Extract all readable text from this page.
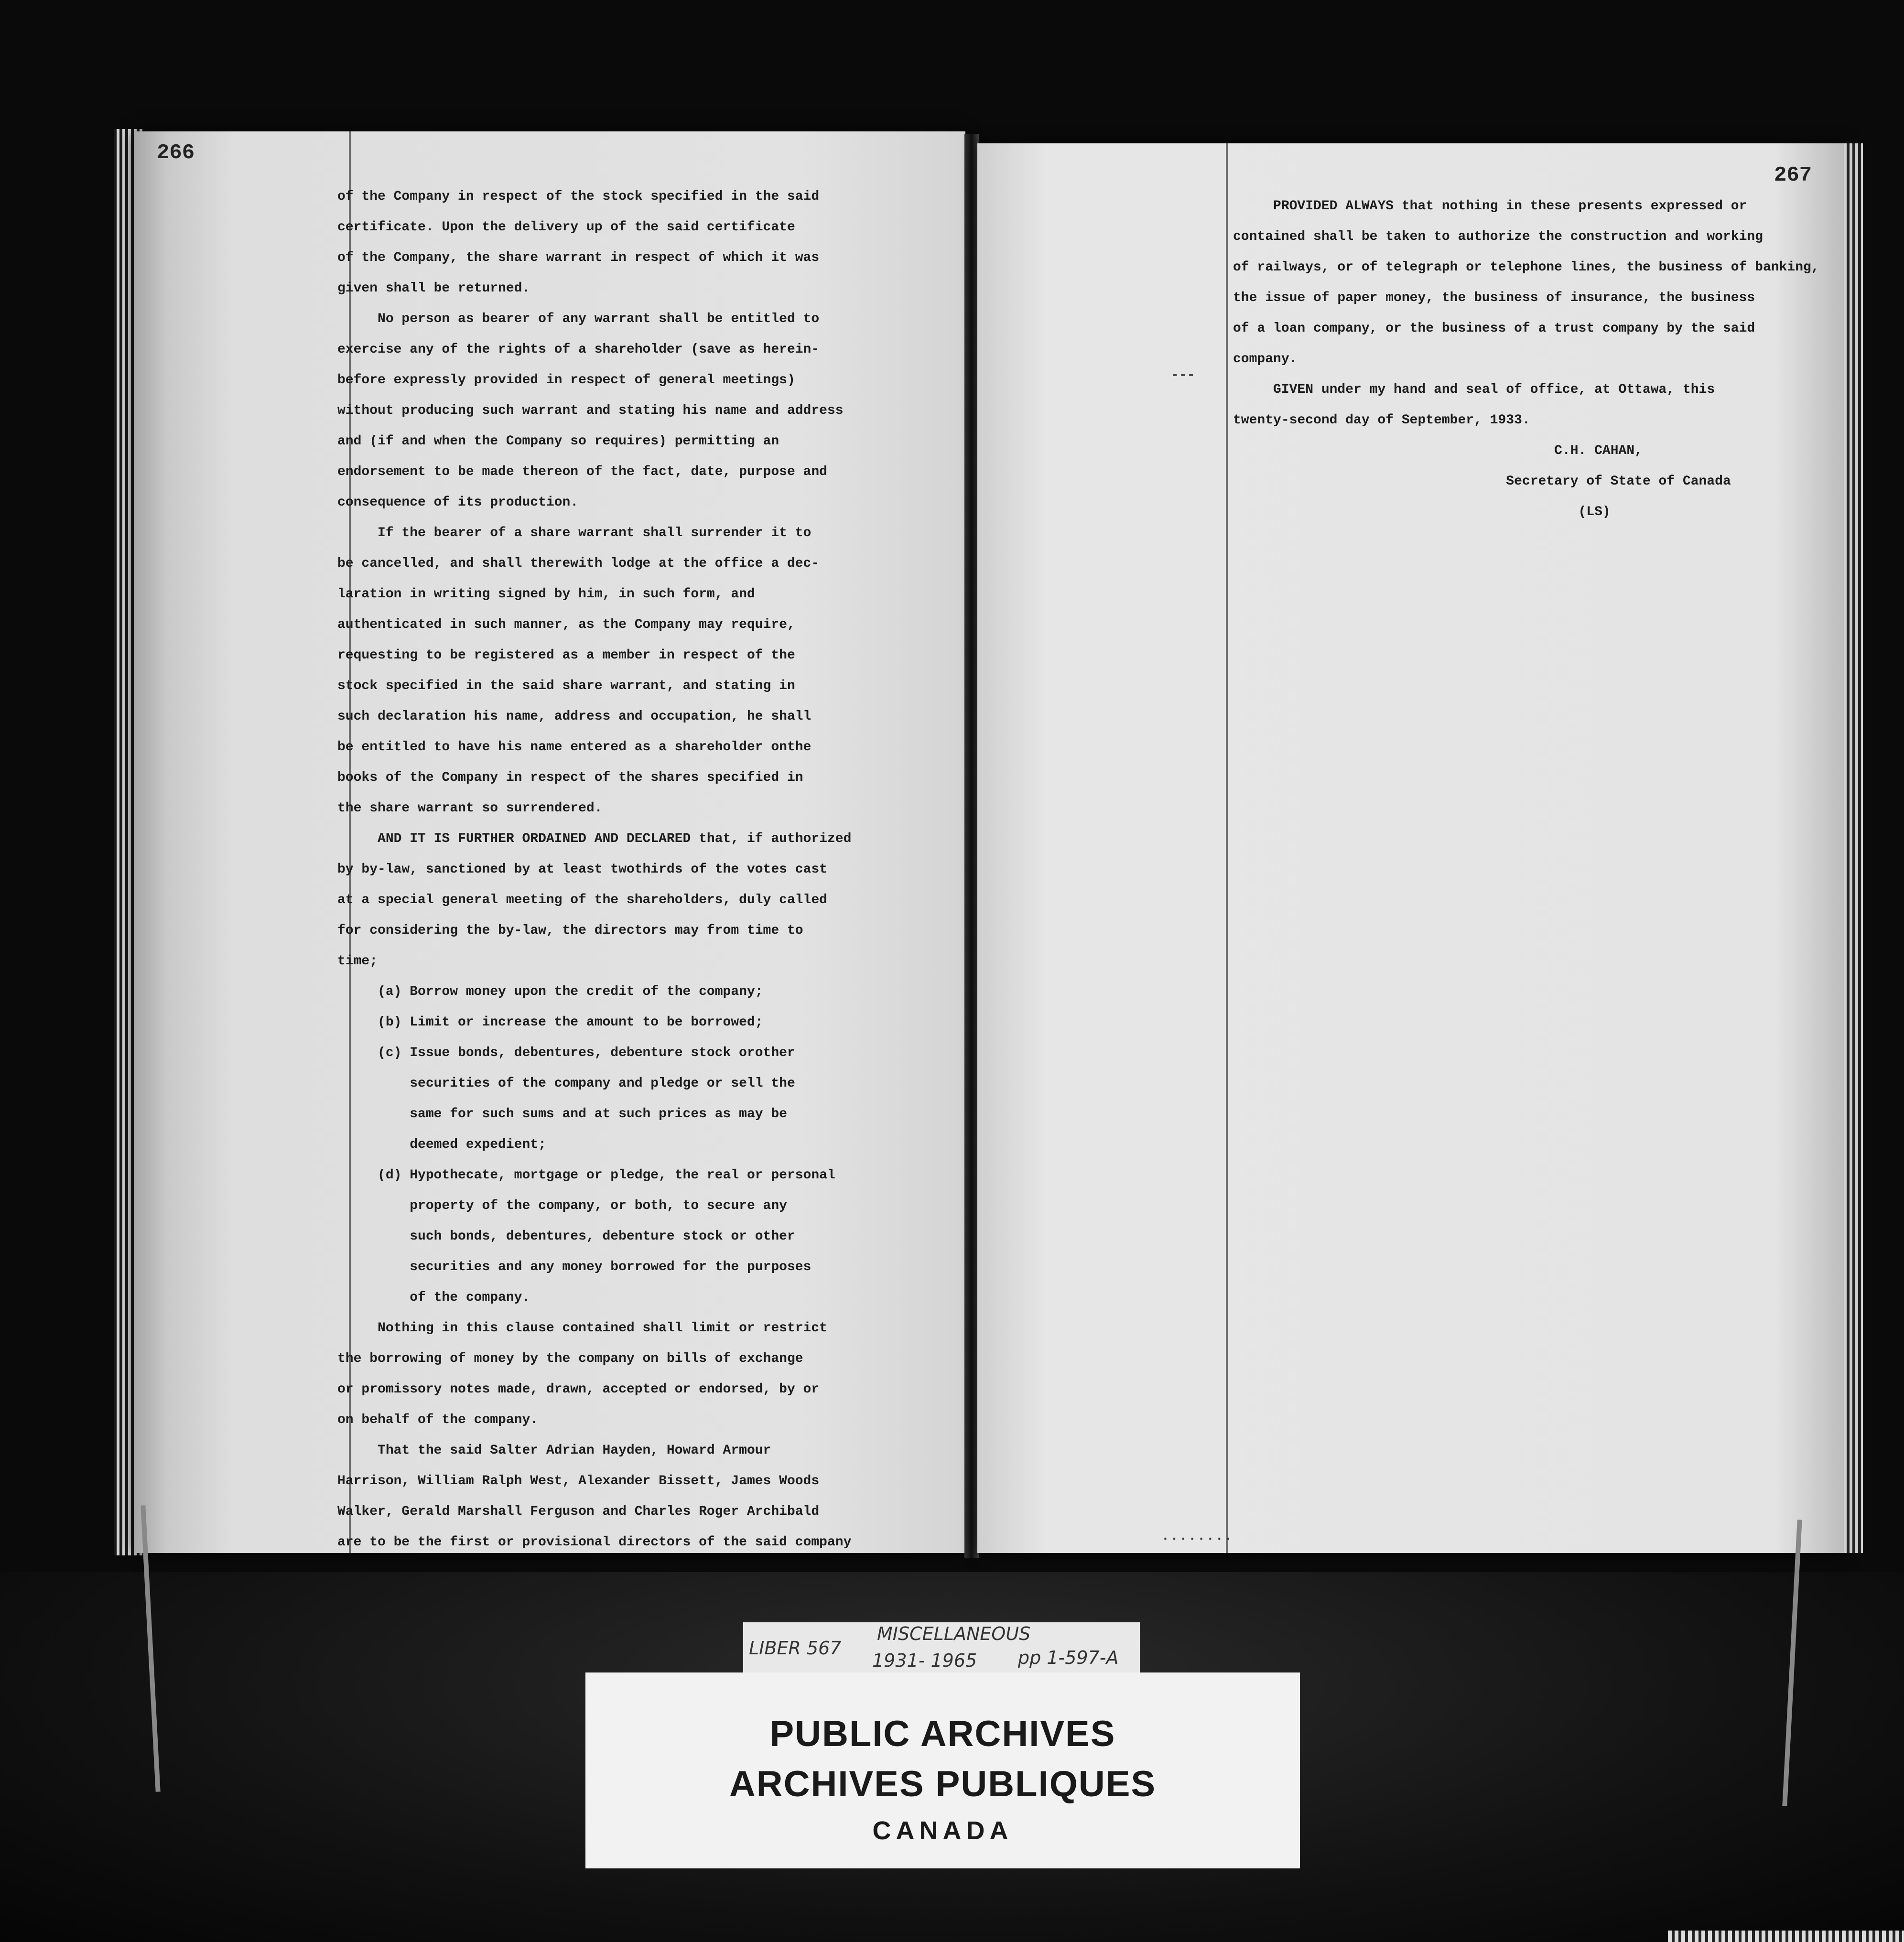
266
267
of the Company in respect of the stock specified in the said
certificate. Upon the delivery up of the said certificate
of the Company, the share warrant in respect of which it was
given shall be returned.
No person as bearer of any warrant shall be entitled to
exercise any of the rights of a shareholder (save as herein-
before expressly provided in respect of general meetings)
without producing such warrant and stating his name and address
and (if and when the Company so requires) permitting an
endorsement to be made thereon of the fact, date, purpose and
consequence of its production.
If the bearer of a share warrant shall surrender it to
be cancelled, and shall therewith lodge at the office a dec-
laration in writing signed by him, in such form, and
authenticated in such manner, as the Company may require,
requesting to be registered as a member in respect of the
stock specified in the said share warrant, and stating in
such declaration his name, address and occupation, he shall
be entitled to have his name entered as a shareholder onthe
books of the Company in respect of the shares specified in
the share warrant so surrendered.
AND IT IS FURTHER ORDAINED AND DECLARED that, if authorized
by by-law, sanctioned by at least twothirds of the votes cast
at a special general meeting of the shareholders, duly called
for considering the by-law, the directors may from time to
time;
(a) Borrow money upon the credit of the company;
(b) Limit or increase the amount to be borrowed;
(c) Issue bonds, debentures, debenture stock orother
securities of the company and pledge or sell the
same for such sums and at such prices as may be
deemed expedient;
(d) Hypothecate, mortgage or pledge, the real or personal
property of the company, or both, to secure any
such bonds, debentures, debenture stock or other
securities and any money borrowed for the purposes
of the company.
Nothing in this clause contained shall limit or restrict
the borrowing of money by the company on bills of exchange
or promissory notes made, drawn, accepted or endorsed, by or
on behalf of the company.
That the said Salter Adrian Hayden, Howard Armour
Harrison, William Ralph West, Alexander Bissett, James Woods
Walker, Gerald Marshall Ferguson and Charles Roger Archibald
are to be the first or provisional directors of the said company
PROVIDED ALWAYS that nothing in these presents expressed or
contained shall be taken to authorize the construction and working
of railways, or of telegraph or telephone lines, the business of banking,
the issue of paper money, the business of insurance, the business
of a loan company, or the business of a trust company by the said
company.
GIVEN under my hand and seal of office, at Ottawa, this
twenty-second day of September, 1933.
C.H. CAHAN,
Secretary of State of Canada
(LS)
---
........
LIBER 567
MISCELLANEOUS
1931- 1965 pp 1-597-A
PUBLIC ARCHIVES
ARCHIVES PUBLIQUES
CANADA
